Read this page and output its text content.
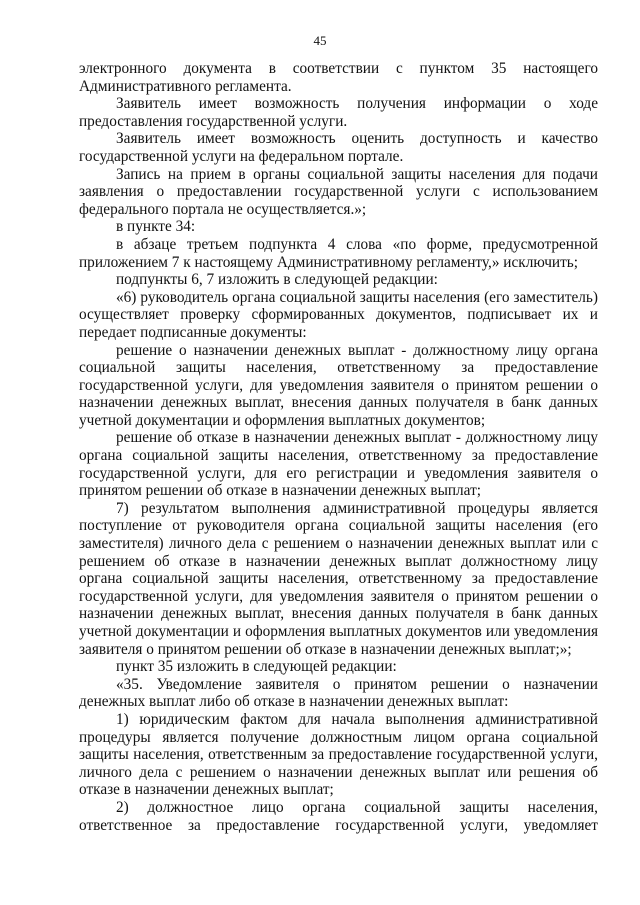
45

электронного документа в соответствии с пунктом 35 настоящего Административного регламента.

Заявитель имеет возможность получения информации о ходе предоставления государственной услуги.

Заявитель имеет возможность оценить доступность и качество государственной услуги на федеральном портале.

Запись на прием в органы социальной защиты населения для подачи заявления о предоставлении государственной услуги с использованием федерального портала не осуществляется.»;

в пункте 34:

в абзаце третьем подпункта 4 слова «по форме, предусмотренной приложением 7 к настоящему Административному регламенту,» исключить;

подпункты 6, 7 изложить в следующей редакции:

«6) руководитель органа социальной защиты населения (его заместитель) осуществляет проверку сформированных документов, подписывает их и передает подписанные документы:

решение о назначении денежных выплат - должностному лицу органа социальной защиты населения, ответственному за предоставление государственной услуги, для уведомления заявителя о принятом решении о назначении денежных выплат, внесения данных получателя в банк данных учетной документации и оформления выплатных документов;

решение об отказе в назначении денежных выплат - должностному лицу органа социальной защиты населения, ответственному за предоставление государственной услуги, для его регистрации и уведомления заявителя о принятом решении об отказе в назначении денежных выплат;

7) результатом выполнения административной процедуры является поступление от руководителя органа социальной защиты населения (его заместителя) личного дела с решением о назначении денежных выплат или с решением об отказе в назначении денежных выплат должностному лицу органа социальной защиты населения, ответственному за предоставление государственной услуги, для уведомления заявителя о принятом решении о назначении денежных выплат, внесения данных получателя в банк данных учетной документации и оформления выплатных документов или уведомления заявителя о принятом решении об отказе в назначении денежных выплат;»;

пункт 35 изложить в следующей редакции:

«35. Уведомление заявителя о принятом решении о назначении денежных выплат либо об отказе в назначении денежных выплат:

1) юридическим фактом для начала выполнения административной процедуры является получение должностным лицом органа социальной защиты населения, ответственным за предоставление государственной услуги, личного дела с решением о назначении денежных выплат или решения об отказе в назначении денежных выплат;

2) должностное лицо органа социальной защиты населения, ответственное за предоставление государственной услуги, уведомляет
